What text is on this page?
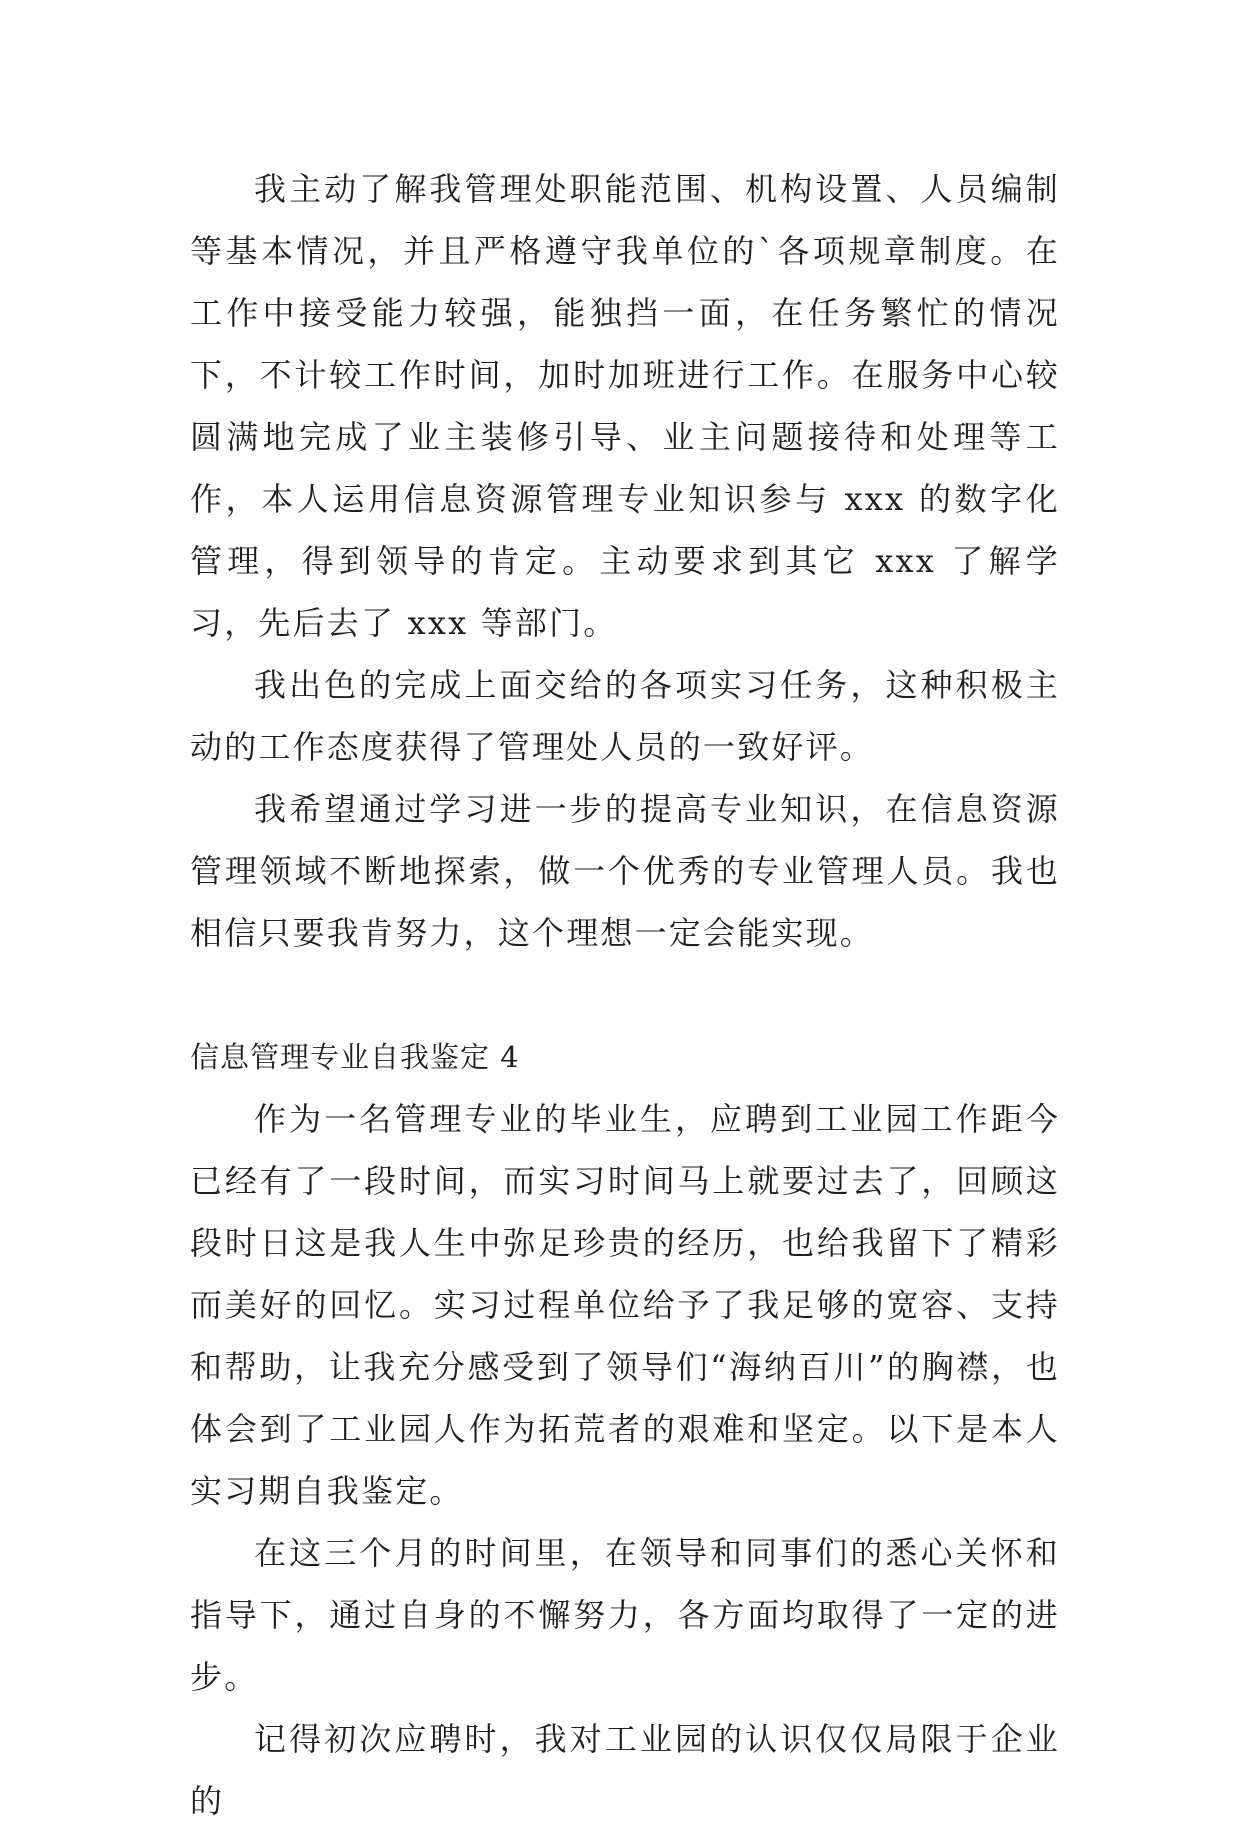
我主动了解我管理处职能范围、机构设置、人员编制等基本情况，并且严格遵守我单位的`各项规章制度。在工作中接受能力较强，能独挡一面，在任务繁忙的情况下，不计较工作时间，加时加班进行工作。在服务中心较圆满地完成了业主装修引导、业主问题接待和处理等工作，本人运用信息资源管理专业知识参与 xxx 的数字化管理，得到领导的肯定。主动要求到其它 xxx 了解学习，先后去了 xxx 等部门。

我出色的完成上面交给的各项实习任务，这种积极主动的工作态度获得了管理处人员的一致好评。

我希望通过学习进一步的提高专业知识，在信息资源管理领域不断地探索，做一个优秀的专业管理人员。我也相信只要我肯努力，这个理想一定会能实现。

信息管理专业自我鉴定 4

作为一名管理专业的毕业生，应聘到工业园工作距今已经有了一段时间，而实习时间马上就要过去了，回顾这段时日这是我人生中弥足珍贵的经历，也给我留下了精彩而美好的回忆。实习过程单位给予了我足够的宽容、支持和帮助，让我充分感受到了领导们“海纳百川”的胸襟，也体会到了工业园人作为拓荒者的艰难和坚定。以下是本人实习期自我鉴定。

在这三个月的时间里，在领导和同事们的悉心关怀和指导下，通过自身的不懈努力，各方面均取得了一定的进步。

记得初次应聘时，我对工业园的认识仅仅局限于企业的
